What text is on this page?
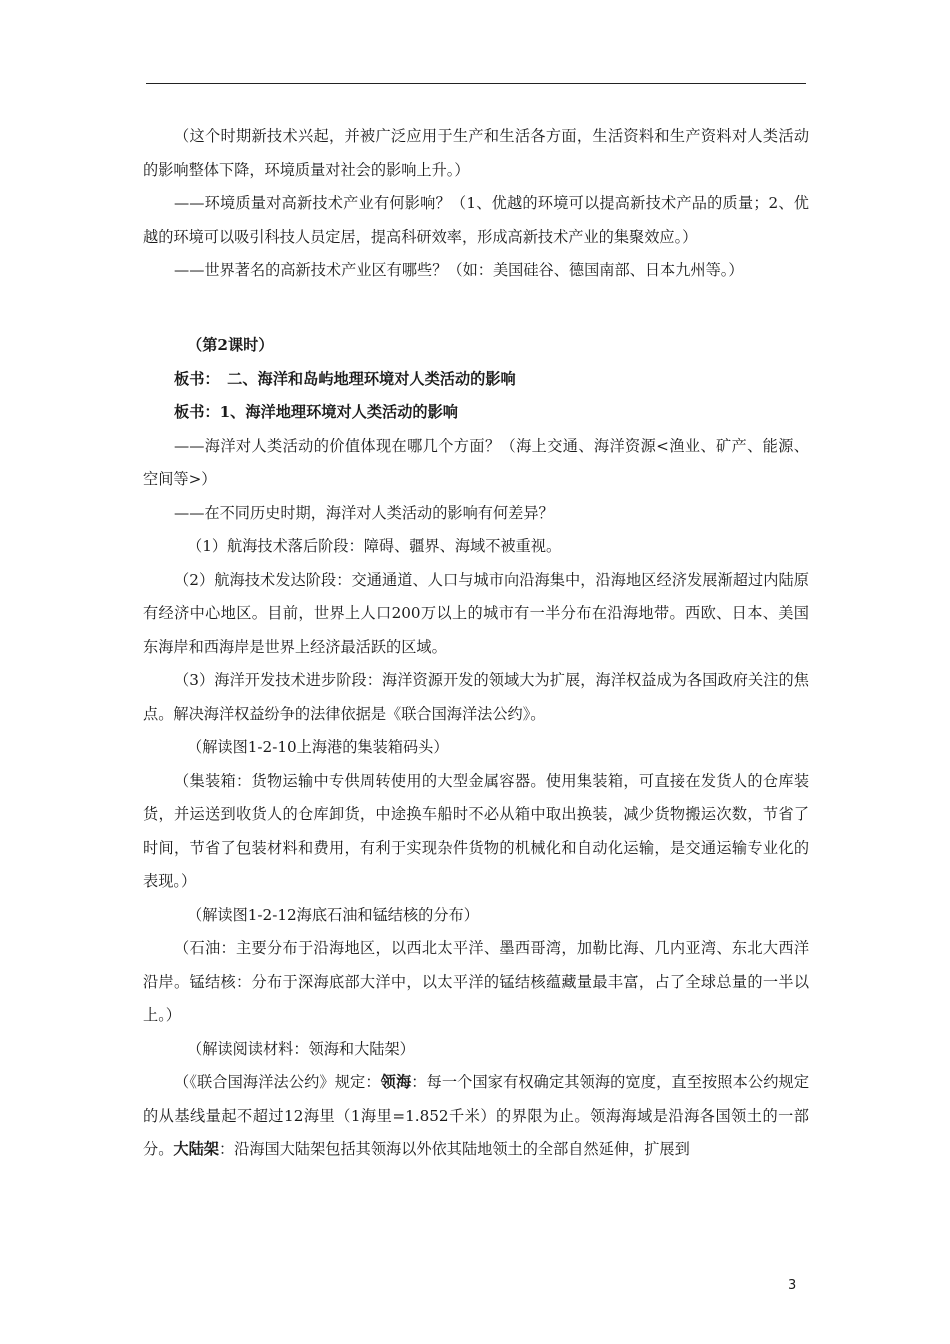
（这个时期新技术兴起，并被广泛应用于生产和生活各方面，生活资料和生产资料对人类活动的影响整体下降，环境质量对社会的影响上升。）

——环境质量对高新技术产业有何影响？（1、优越的环境可以提高新技术产品的质量；2、优越的环境可以吸引科技人员定居，提高科研效率，形成高新技术产业的集聚效应。）

——世界著名的高新技术产业区有哪些？（如：美国硅谷、德国南部、日本九州等。）

（第2课时）

板书：　二、海洋和岛屿地理环境对人类活动的影响

板书：1、海洋地理环境对人类活动的影响

——海洋对人类活动的价值体现在哪几个方面？（海上交通、海洋资源<渔业、矿产、能源、空间等>）

——在不同历史时期，海洋对人类活动的影响有何差异？

（1）航海技术落后阶段：障碍、疆界、海域不被重视。

（2）航海技术发达阶段：交通通道、人口与城市向沿海集中，沿海地区经济发展渐超过内陆原有经济中心地区。目前，世界上人口200万以上的城市有一半分布在沿海地带。西欧、日本、美国东海岸和西海岸是世界上经济最活跃的区域。

（3）海洋开发技术进步阶段：海洋资源开发的领域大为扩展，海洋权益成为各国政府关注的焦点。解决海洋权益纷争的法律依据是《联合国海洋法公约》。

（解读图1-2-10上海港的集装箱码头）

（集装箱：货物运输中专供周转使用的大型金属容器。使用集装箱，可直接在发货人的仓库装货，并运送到收货人的仓库卸货，中途换车船时不必从箱中取出换装，减少货物搬运次数，节省了时间，节省了包装材料和费用，有利于实现杂件货物的机械化和自动化运输，是交通运输专业化的表现。）

（解读图1-2-12海底石油和锰结核的分布）

（石油：主要分布于沿海地区，以西北太平洋、墨西哥湾，加勒比海、几内亚湾、东北大西洋沿岸。锰结核：分布于深海底部大洋中，以太平洋的锰结核蕴藏量最丰富，占了全球总量的一半以上。）

（解读阅读材料：领海和大陆架）

（《联合国海洋法公约》规定：领海：每一个国家有权确定其领海的宽度，直至按照本公约规定的从基线量起不超过12海里（1海里=1.852千米）的界限为止。领海海域是沿海各国领土的一部分。大陆架：沿海国大陆架包括其领海以外依其陆地领土的全部自然延伸，扩展到

3
